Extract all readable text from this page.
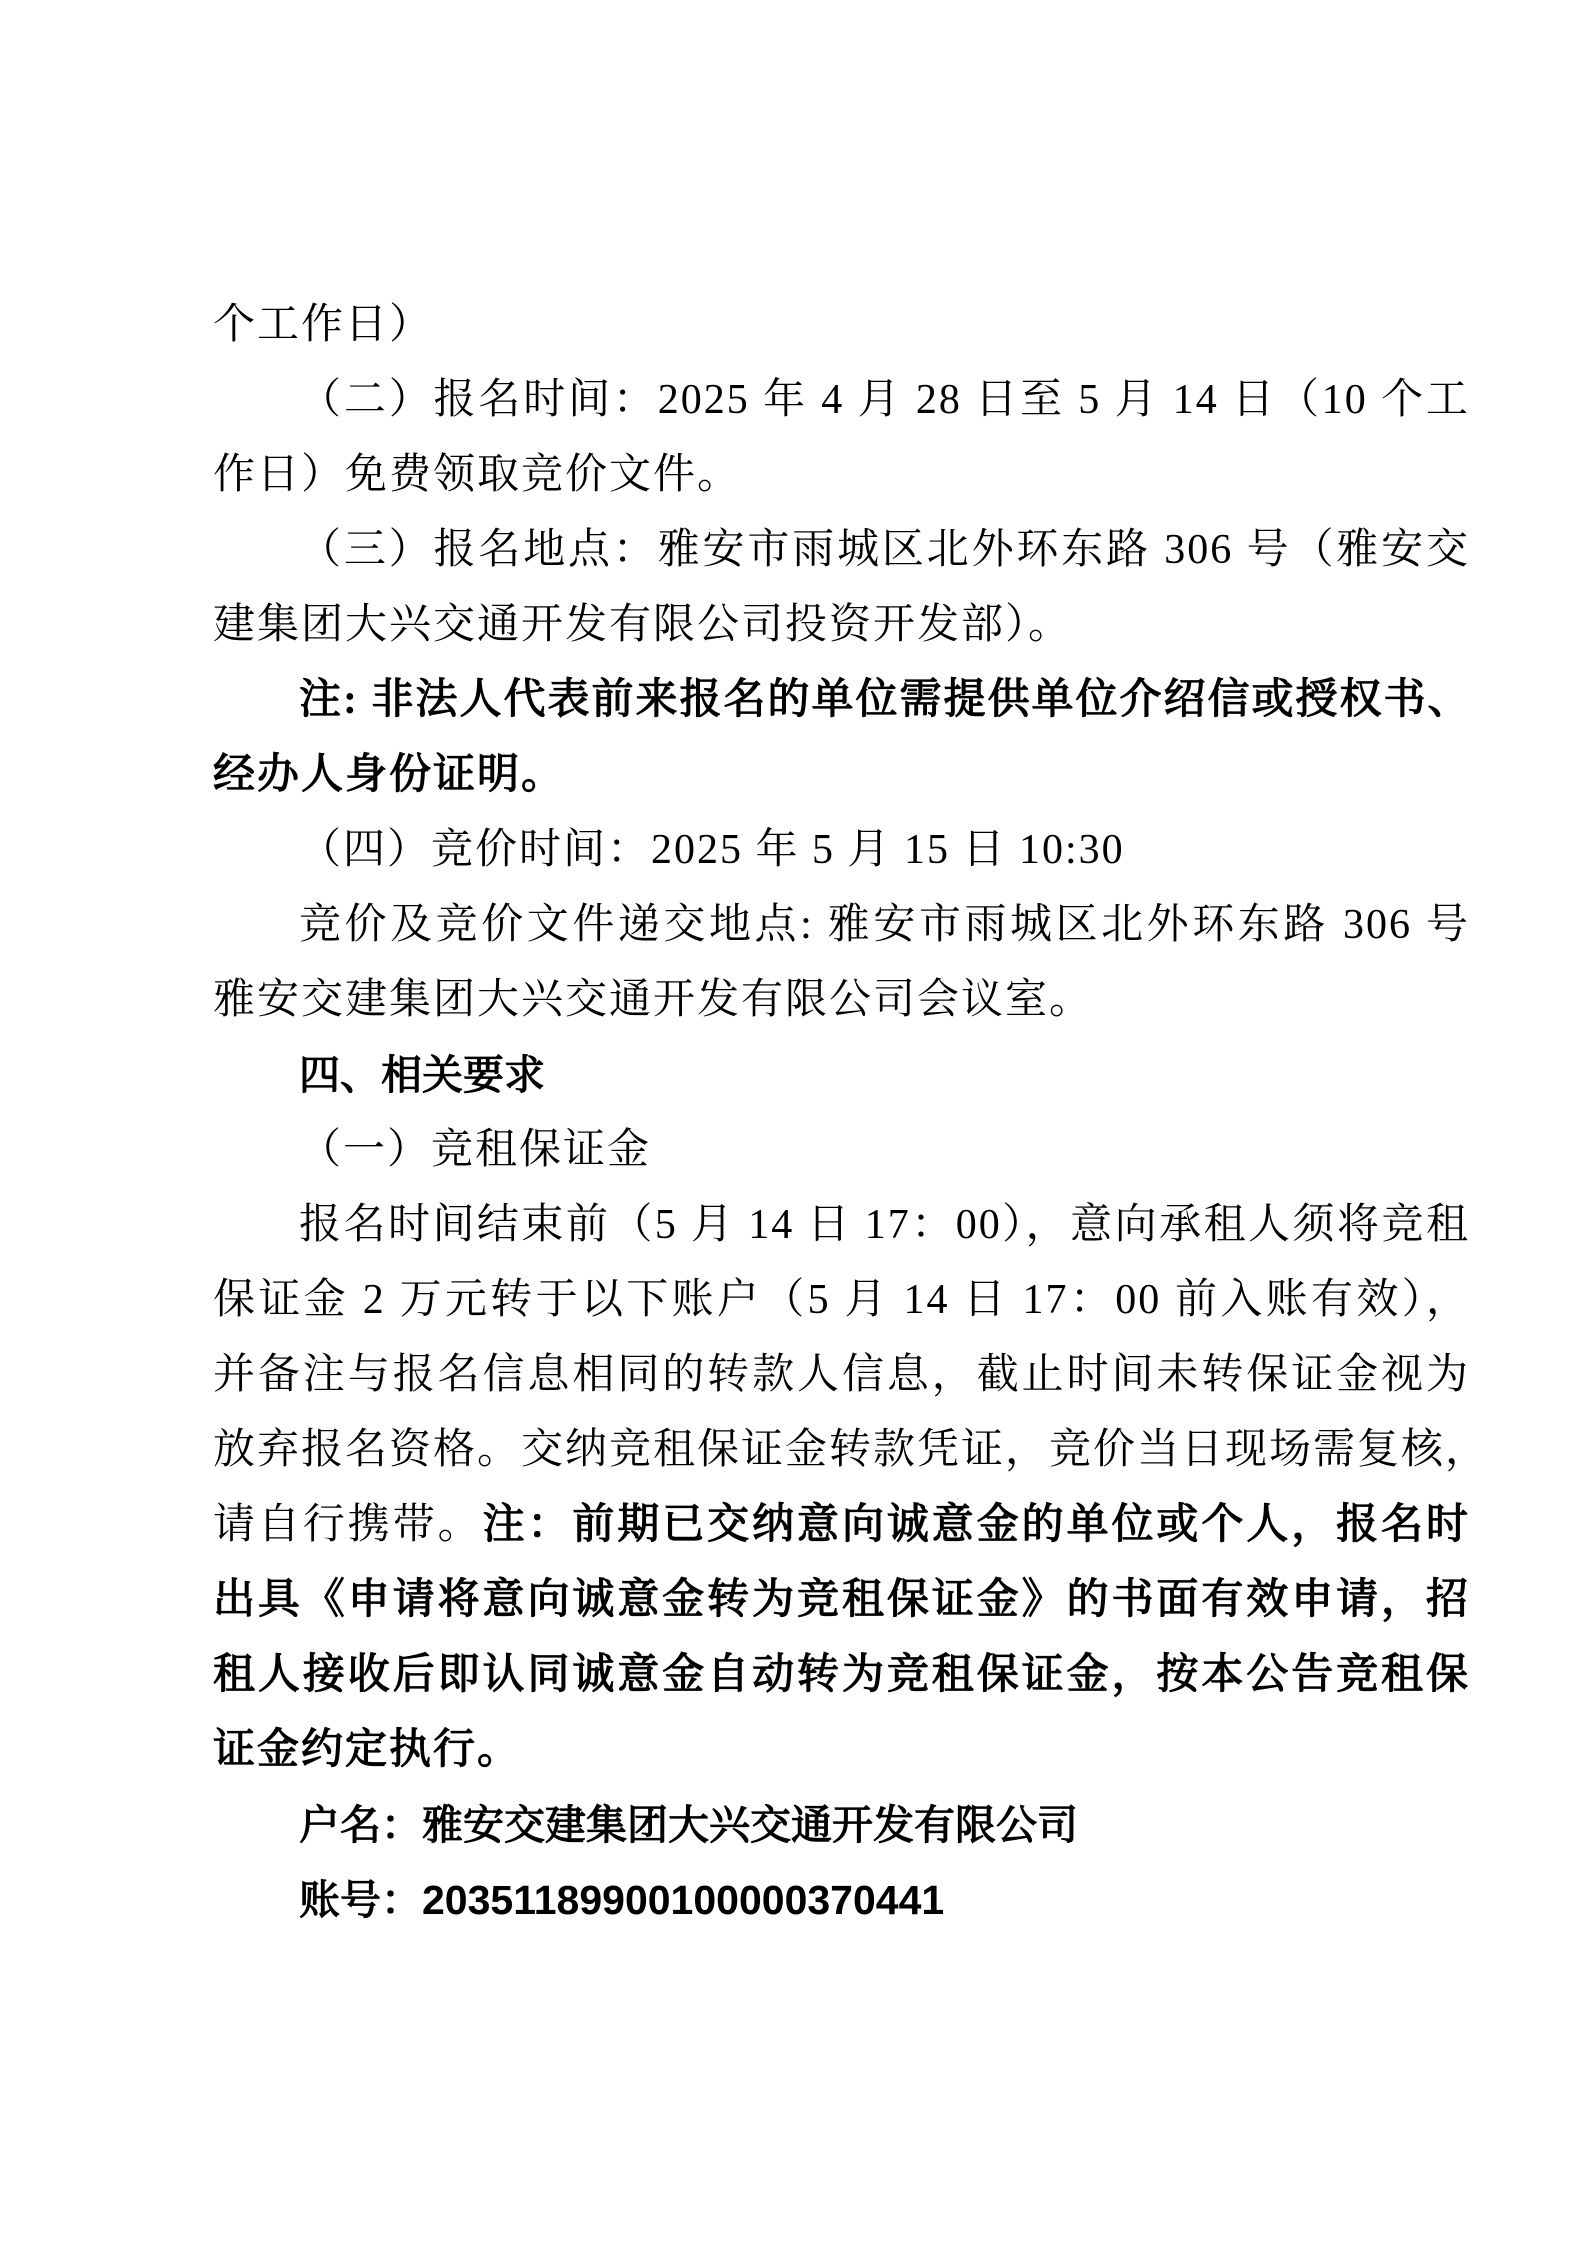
个工作日）
（二）报名时间：2025 年 4 月 28 日至 5 月 14 日（10 个工
作日）免费领取竞价文件。
（三）报名地点：雅安市雨城区北外环东路 306 号（雅安交
建集团大兴交通开发有限公司投资开发部）。
注: 非法人代表前来报名的单位需提供单位介绍信或授权书、
经办人身份证明。
（四）竞价时间：2025 年 5 月 15 日 10:30
竞价及竞价文件递交地点: 雅安市雨城区北外环东路 306 号
雅安交建集团大兴交通开发有限公司会议室。
四、相关要求
（一）竞租保证金
报名时间结束前（5 月 14 日 17：00），意向承租人须将竞租
保证金 2 万元转于以下账户（5 月 14 日 17：00 前入账有效），
并备注与报名信息相同的转款人信息，截止时间未转保证金视为
放弃报名资格。交纳竞租保证金转款凭证，竞价当日现场需复核，
请自行携带。注：前期已交纳意向诚意金的单位或个人，报名时
出具《申请将意向诚意金转为竞租保证金》的书面有效申请，招
租人接收后即认同诚意金自动转为竞租保证金，按本公告竞租保
证金约定执行。
户名：雅安交建集团大兴交通开发有限公司
账号：20351189900100000370441
